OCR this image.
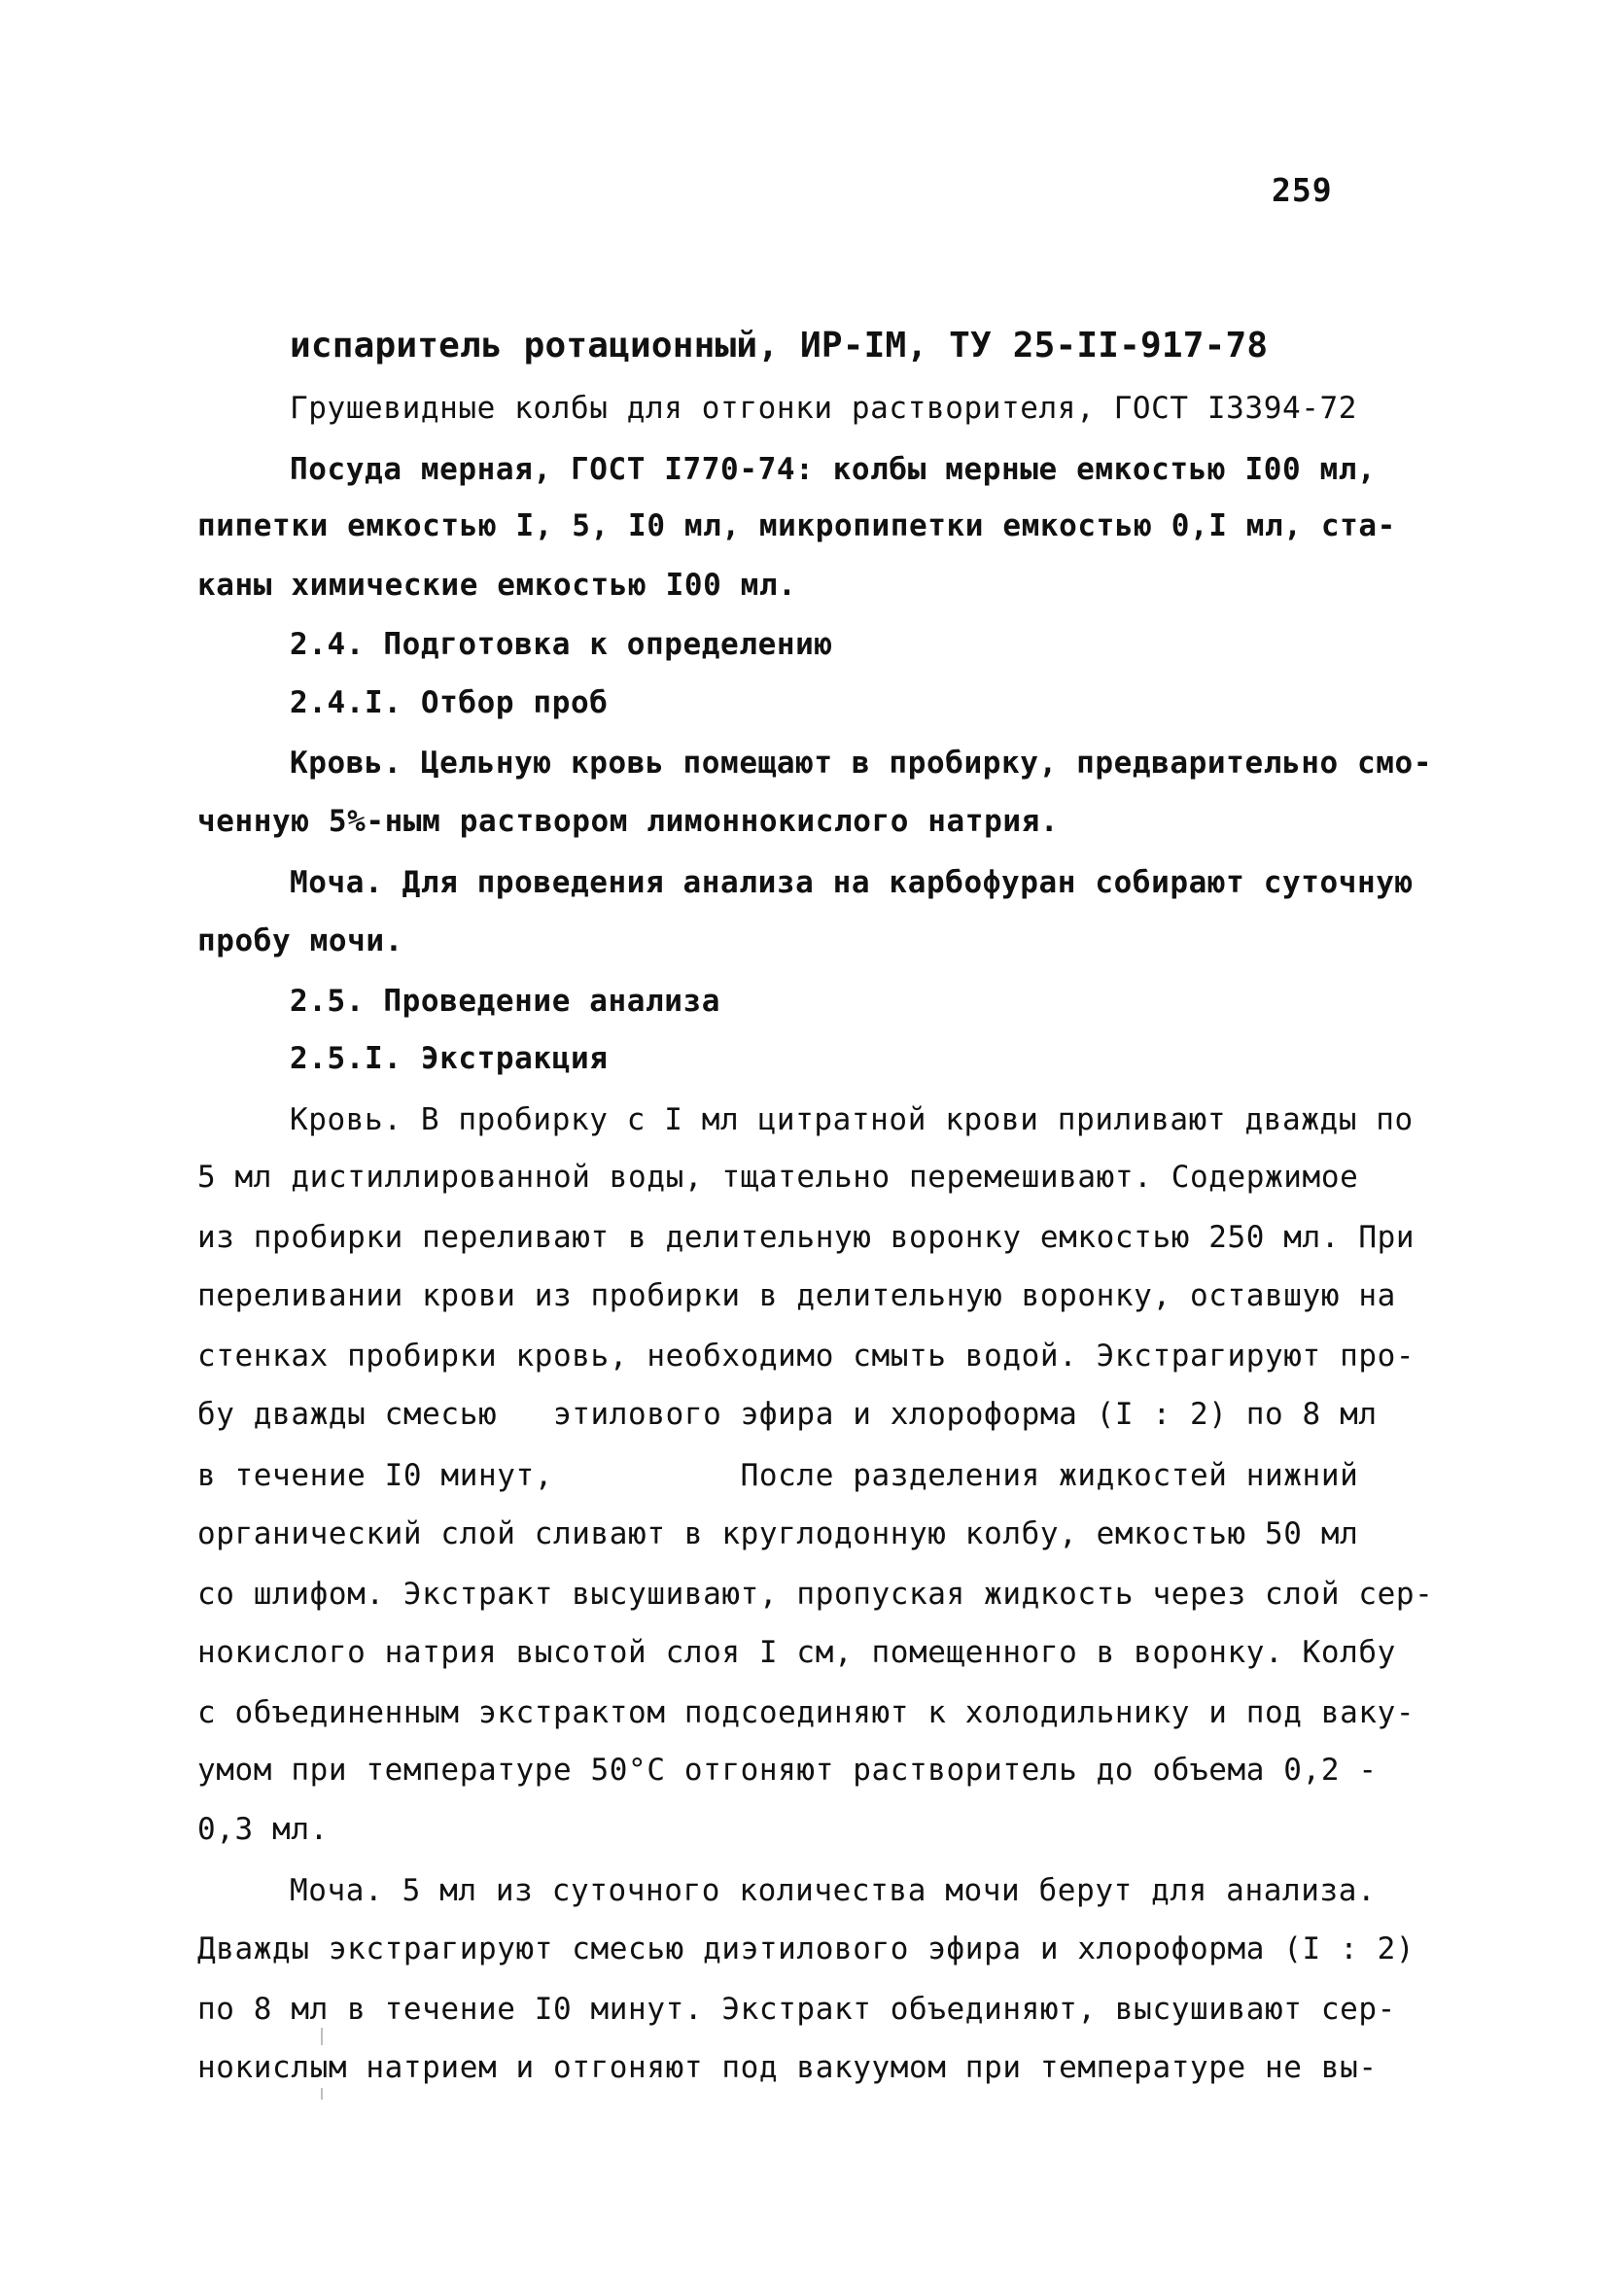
259
испаритель ротационный, ИР-IM, ТУ 25-II-917-78
Грушевидные колбы для отгонки растворителя, ГОСТ I3394-72
Посуда мерная, ГОСТ I770-74: колбы мерные емкостью I00 мл,
пипетки емкостью I, 5, I0 мл, микропипетки емкостью 0,I мл, ста-
каны химические емкостью I00 мл.
2.4. Подготовка к определению
2.4.I. Отбор проб
Кровь. Цельную кровь помещают в пробирку, предварительно смо-
ченную 5%-ным раствором лимоннокислого натрия.
Моча. Для проведения анализа на карбофуран собирают суточную
пробу мочи.
2.5. Проведение анализа
2.5.I. Экстракция
Кровь. В пробирку с I мл цитратной крови приливают дважды по
5 мл дистиллированной воды, тщательно перемешивают. Содержимое
из пробирки переливают в делительную воронку емкостью 250 мл. При
переливании крови из пробирки в делительную воронку, оставшую на
стенках пробирки кровь, необходимо смыть водой. Экстрагируют про-
бу дважды смесью   этилового эфира и хлороформа (I : 2) по 8 мл
в течение I0 минут,          После разделения жидкостей нижний
органический слой сливают в круглодонную колбу, емкостью 50 мл
со шлифом. Экстракт высушивают, пропуская жидкость через слой сер-
нокислого натрия высотой слоя I см, помещенного в воронку. Колбу
с объединенным экстрактом подсоединяют к холодильнику и под ваку-
умом при температуре 50°С отгоняют растворитель до объема 0,2 -
0,3 мл.
Моча. 5 мл из суточного количества мочи берут для анализа.
Дважды экстрагируют смесью диэтилового эфира и хлороформа (I : 2)
по 8 мл в течение I0 минут. Экстракт объединяют, высушивают сер-
нокислым натрием и отгоняют под вакуумом при температуре не вы-
